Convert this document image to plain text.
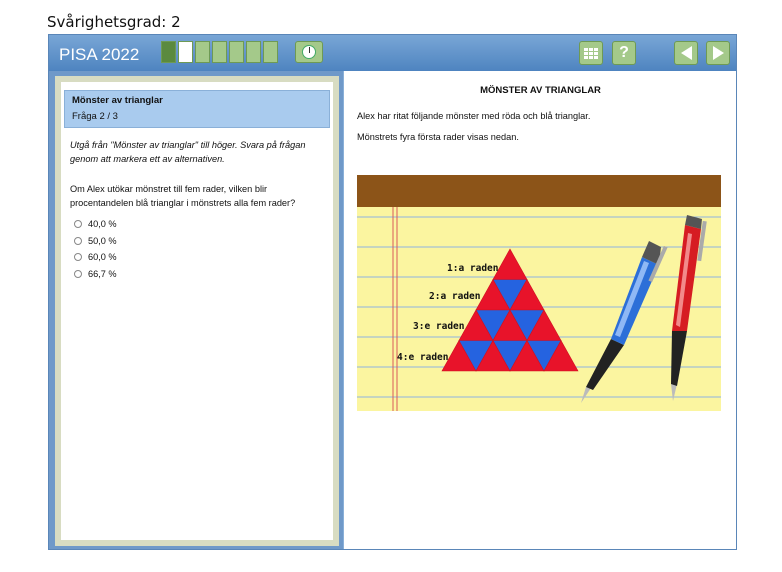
Svårighetsgrad: 2
PISA 2022	?
Mönster av trianglar
Fråga 2 / 3
Utgå från "Mönster av trianglar" till höger. Svara på frågan genom att markera ett av alternativen.
Om Alex utökar mönstret till fem rader, vilken blir procentandelen blå trianglar i mönstrets alla fem rader?
40,0 %
50,0 %
60,0 %
66,7 %
MÖNSTER AV TRIANGLAR
Alex har ritat följande mönster med röda och blå trianglar.
Mönstrets fyra första rader visas nedan.
1:a raden
2:a raden
3:e raden
4:e raden
